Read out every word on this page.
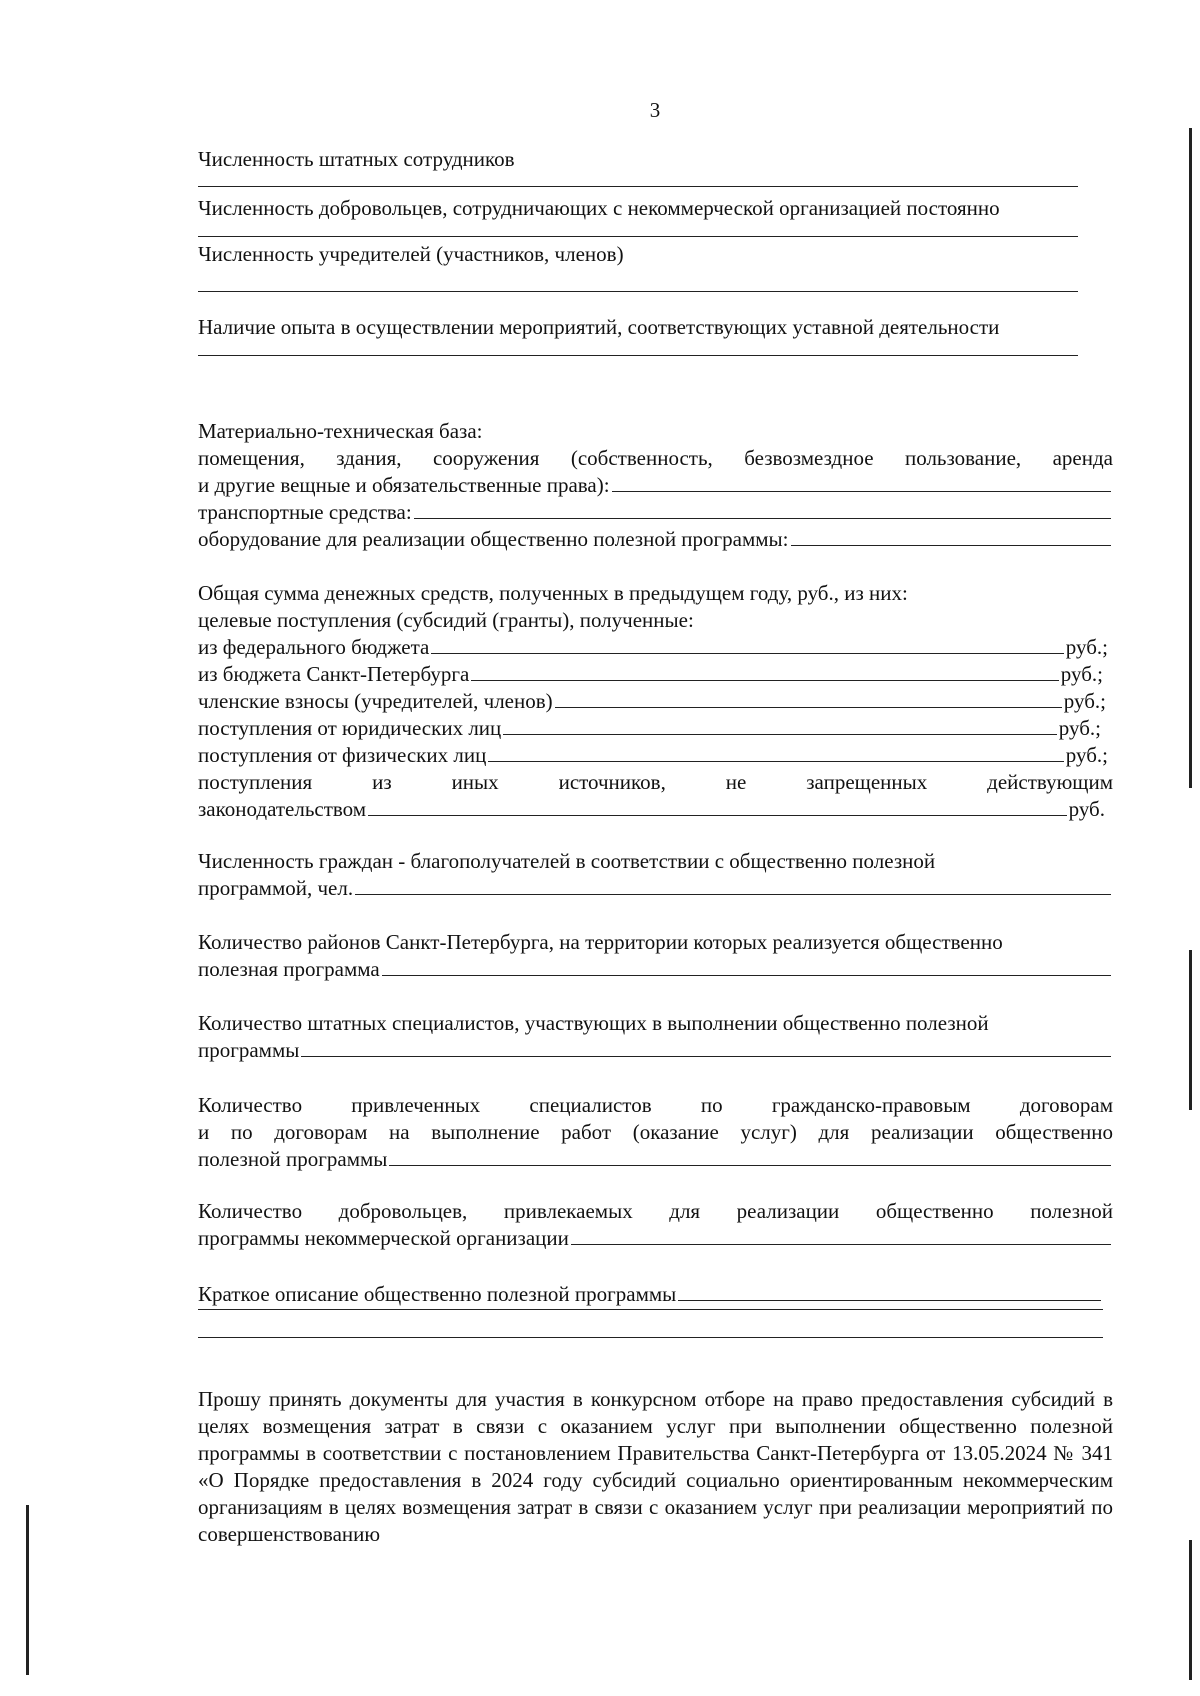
3
Численность штатных сотрудников
Численность добровольцев, сотрудничающих с некоммерческой организацией постоянно
Численность учредителей (участников, членов)
Наличие опыта в осуществлении мероприятий, соответствующих уставной деятельности
Материально-техническая база:
помещения, здания, сооружения (собственность, безвозмездное пользование, аренда
и другие вещные и обязательственные права):
транспортные средства:
оборудование для реализации общественно полезной программы:
Общая сумма денежных средств, полученных в предыдущем году, руб., из них:
целевые поступления (субсидий (гранты), полученные:
из федерального бюджета	руб.;
из бюджета Санкт-Петербурга	руб.;
членские взносы (учредителей, членов)	руб.;
поступления от юридических лиц	руб.;
поступления от физических лиц	руб.;
поступления	из	иных	источников,	не	запрещенных	действующим
законодательством	руб.
Численность граждан - благополучателей в соответствии с общественно полезной
программой, чел.
Количество районов Санкт-Петербурга, на территории которых реализуется общественно
полезная программа
Количество штатных специалистов, участвующих в выполнении общественно полезной
программы
Количество привлеченных специалистов по гражданско-правовым договорам
и по договорам на выполнение работ (оказание услуг) для реализации общественно
полезной программы
Количество добровольцев, привлекаемых для реализации общественно полезной
программы некоммерческой организации
Краткое описание общественно полезной программы
Прошу принять документы для участия в конкурсном отборе на право предоставления субсидий в целях возмещения затрат в связи с оказанием услуг при выполнении общественно полезной программы в соответствии с постановлением Правительства Санкт-Петербурга от 13.05.2024 № 341 «О Порядке предоставления в 2024 году субсидий социально ориентированным некоммерческим организациям в целях возмещения затрат в связи с оказанием услуг при реализации мероприятий по совершенствованию
